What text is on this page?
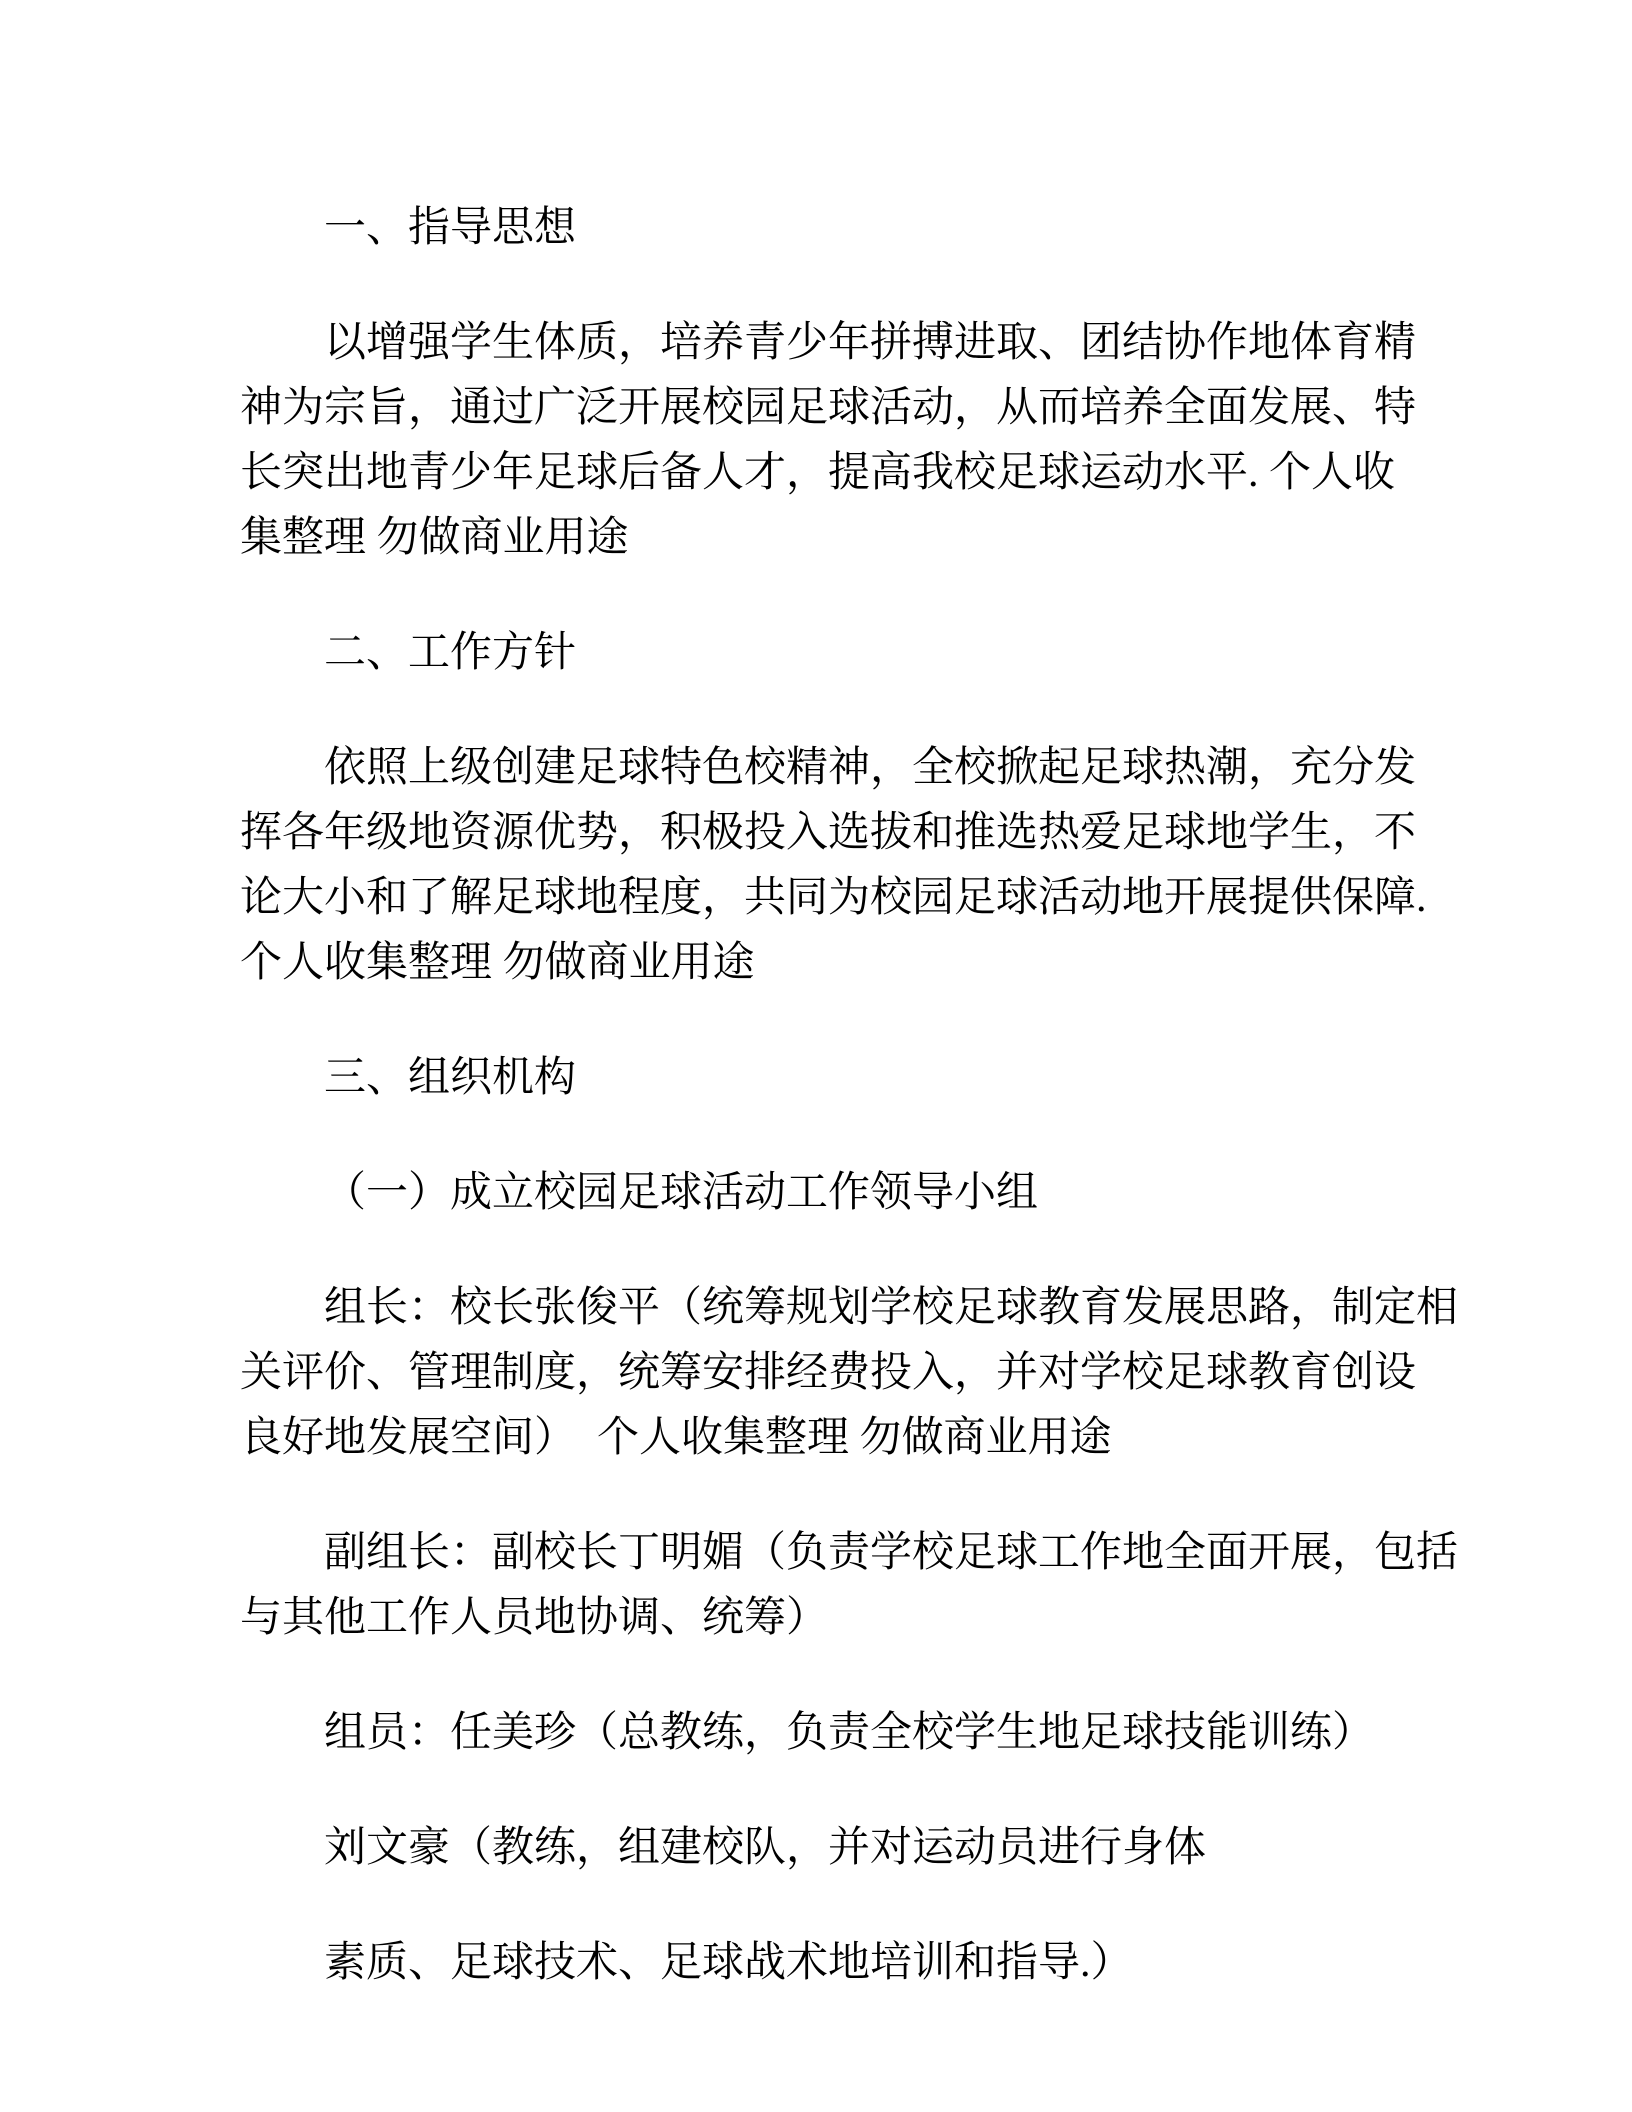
一、指导思想
以增强学生体质，培养青少年拼搏进取、团结协作地体育精
神为宗旨，通过广泛开展校园足球活动，从而培养全面发展、特
长突出地青少年足球后备人才，提高我校足球运动水平. 个人收
集整理 勿做商业用途
二、工作方针
依照上级创建足球特色校精神，全校掀起足球热潮，充分发
挥各年级地资源优势，积极投入选拔和推选热爱足球地学生，不
论大小和了解足球地程度，共同为校园足球活动地开展提供保障.
个人收集整理 勿做商业用途
三、组织机构
（一）成立校园足球活动工作领导小组
组长：校长张俊平（统筹规划学校足球教育发展思路，制定相
关评价、管理制度，统筹安排经费投入，并对学校足球教育创设
良好地发展空间）　个人收集整理 勿做商业用途
副组长：副校长丁明媚（负责学校足球工作地全面开展，包括
与其他工作人员地协调、统筹）
组员：任美珍（总教练，负责全校学生地足球技能训练）
刘文豪（教练，组建校队，并对运动员进行身体
素质、足球技术、足球战术地培训和指导.）
